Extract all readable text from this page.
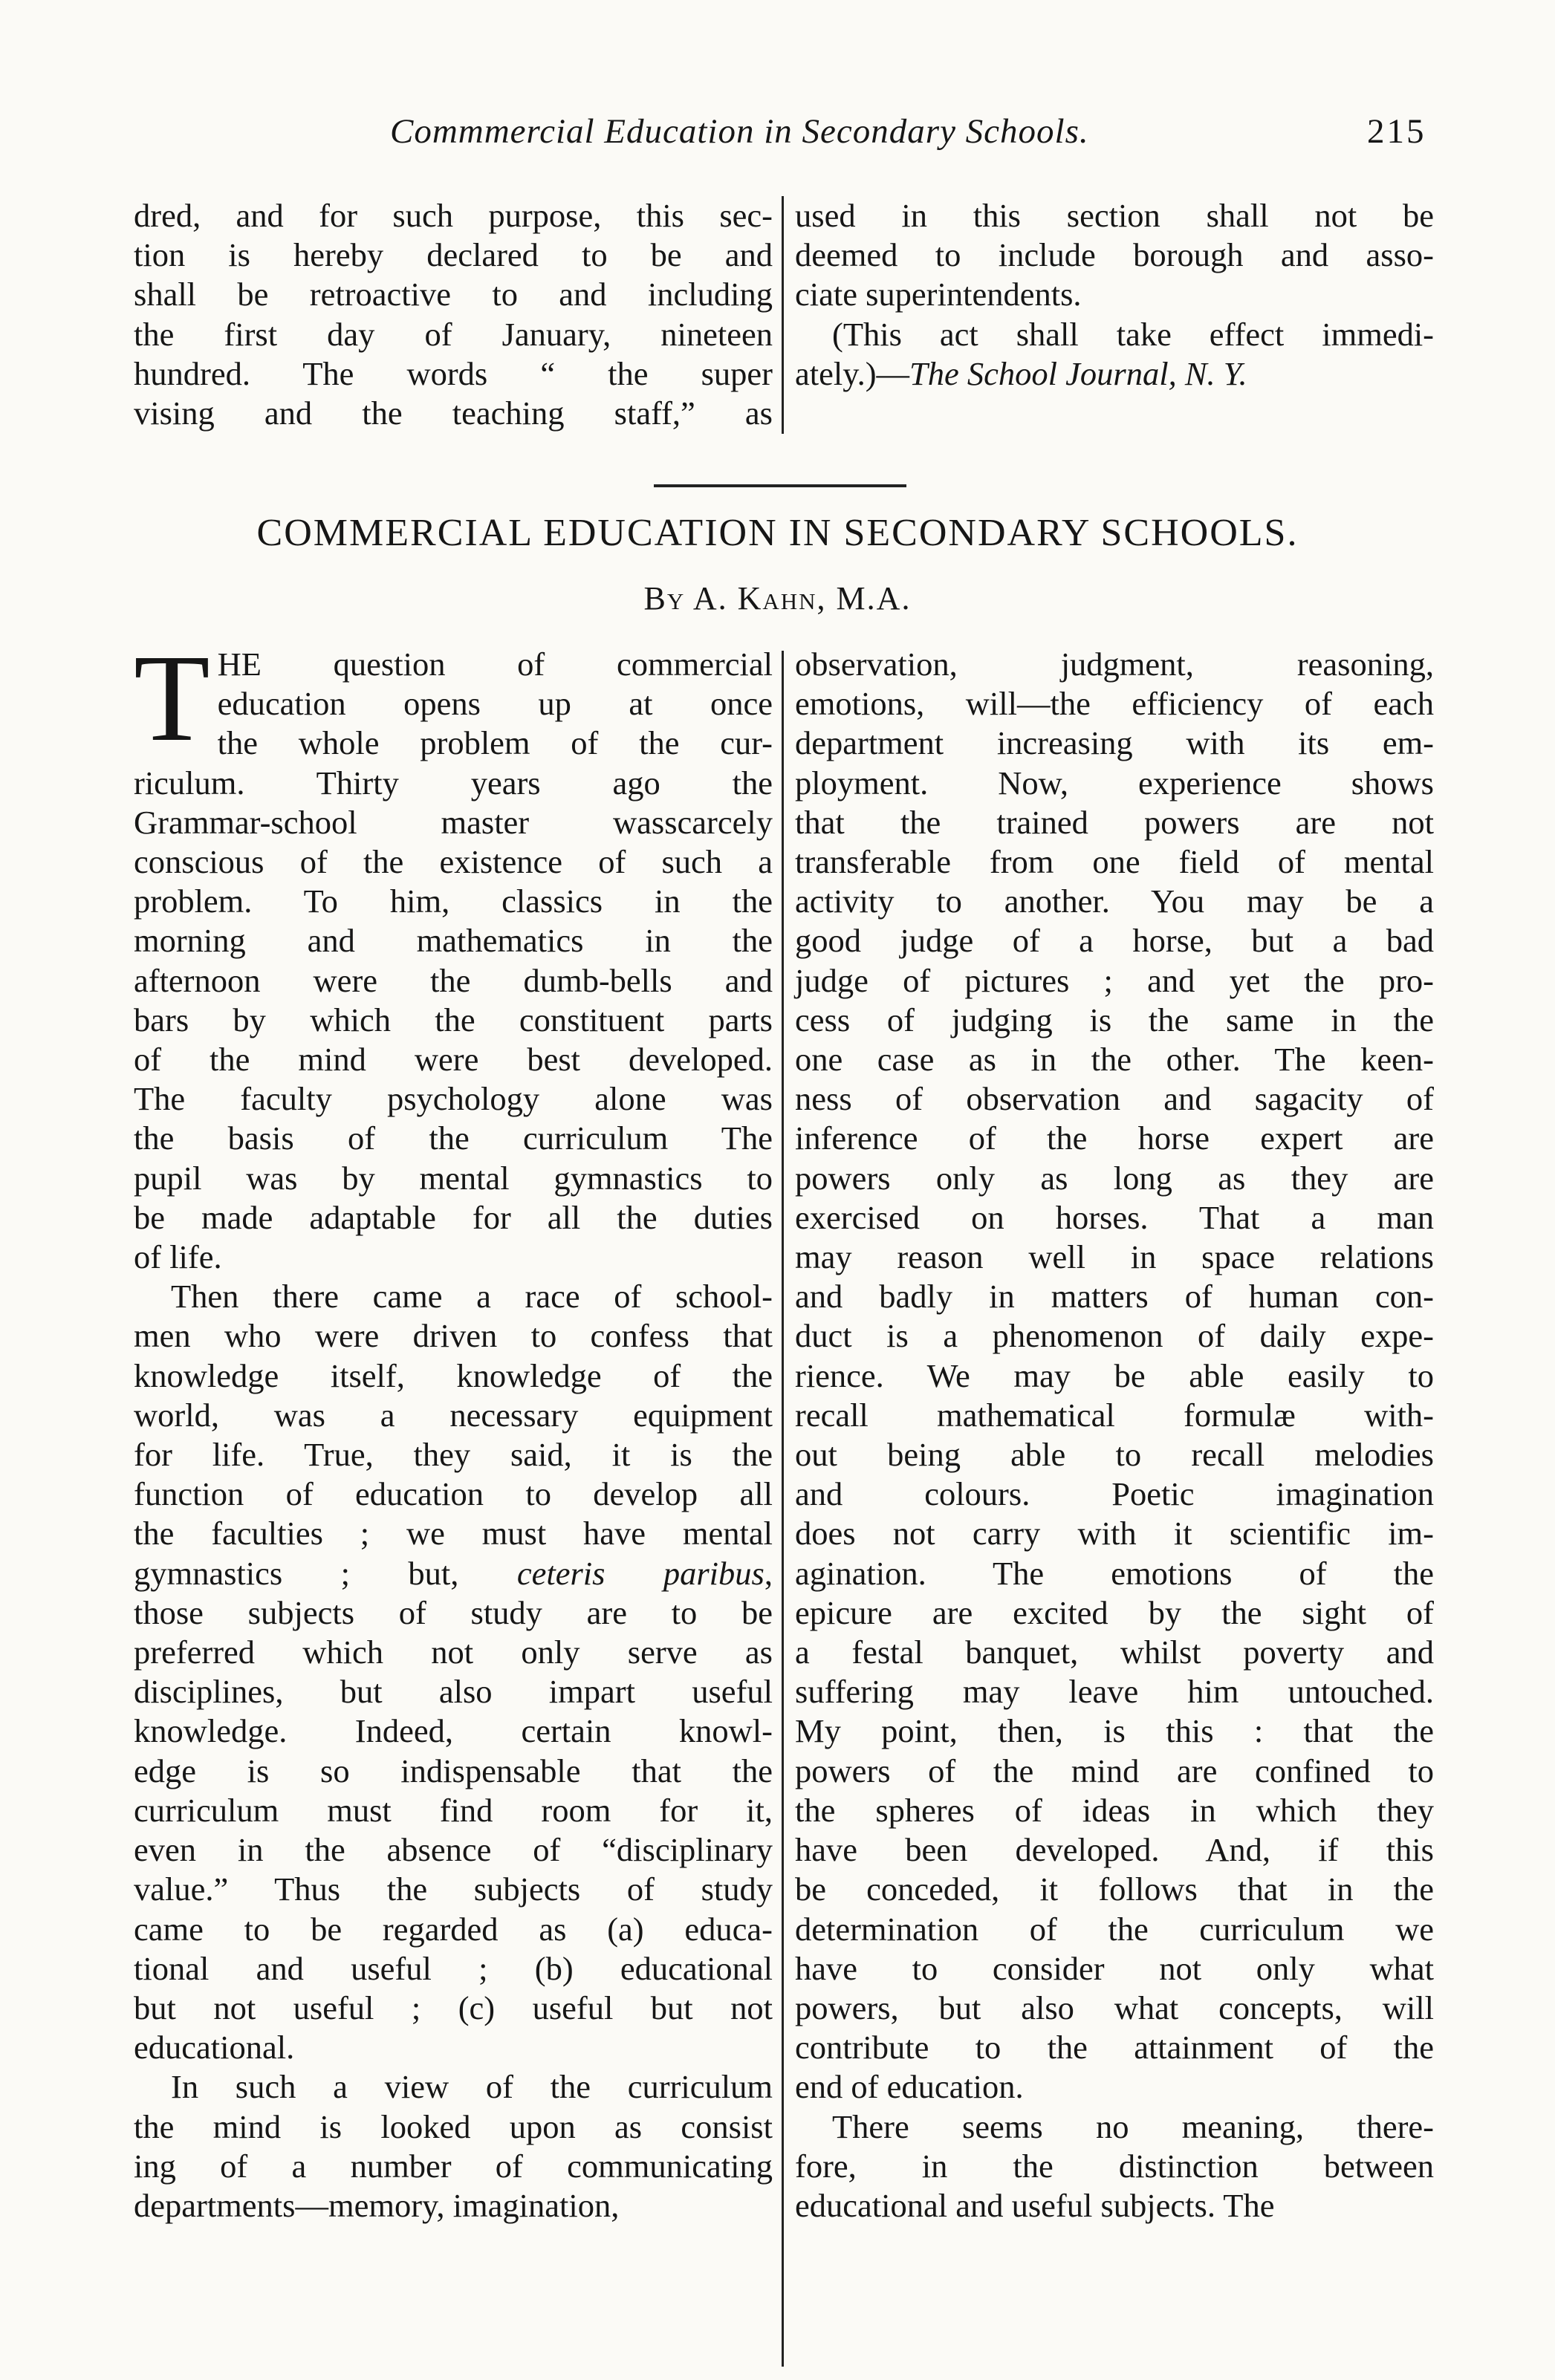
Commmercial Education in Secondary Schools.	215
dred, and for such purpose, this sec-
tion is hereby declared to be and
shall be retroactive to and including
the first day of January, nineteen
hundred. The words “ the super
vising and the teaching staff,” as
used in this section shall not be
deemed to include borough and asso-
ciate superintendents.
(This act shall take effect immedi-
ately.)—The School Journal, N. Y.
COMMERCIAL EDUCATION IN SECONDARY SCHOOLS.
By A. Kahn, M.A.
T HE question of commercial
education opens up at once
the whole problem of the cur-
riculum. Thirty years ago the
Grammar-school master wasscarcely
conscious of the existence of such a
problem. To him, classics in the
morning and mathematics in the
afternoon were the dumb-bells and
bars by which the constituent parts
of the mind were best developed.
The faculty psychology alone was
the basis of the curriculum The
pupil was by mental gymnastics to
be made adaptable for all the duties
of life.
Then there came a race of school-
men who were driven to confess that
knowledge itself, knowledge of the
world, was a necessary equipment
for life. True, they said, it is the
function of education to develop all
the faculties ; we must have mental
gymnastics ; but, ceteris paribus,
those subjects of study are to be
preferred which not only serve as
disciplines, but also impart useful
knowledge. Indeed, certain knowl-
edge is so indispensable that the
curriculum must find room for it,
even in the absence of “disciplinary
value.” Thus the subjects of study
came to be regarded as (a) educa-
tional and useful ; (b) educational
but not useful ; (c) useful but not
educational.
In such a view of the curriculum
the mind is looked upon as consist
ing of a number of communicating
departments—memory, imagination,
observation, judgment, reasoning,
emotions, will—the efficiency of each
department increasing with its em-
ployment. Now, experience shows
that the trained powers are not
transferable from one field of mental
activity to another. You may be a
good judge of a horse, but a bad
judge of pictures ; and yet the pro-
cess of judging is the same in the
one case as in the other. The keen-
ness of observation and sagacity of
inference of the horse expert are
powers only as long as they are
exercised on horses. That a man
may reason well in space relations
and badly in matters of human con-
duct is a phenomenon of daily expe-
rience. We may be able easily to
recall mathematical formulæ with-
out being able to recall melodies
and colours. Poetic imagination
does not carry with it scientific im-
agination. The emotions of the
epicure are excited by the sight of
a festal banquet, whilst poverty and
suffering may leave him untouched.
My point, then, is this : that the
powers of the mind are confined to
the spheres of ideas in which they
have been developed. And, if this
be conceded, it follows that in the
determination of the curriculum we
have to consider not only what
powers, but also what concepts, will
contribute to the attainment of the
end of education.
There seems no meaning, there-
fore, in the distinction between
educational and useful subjects. The
